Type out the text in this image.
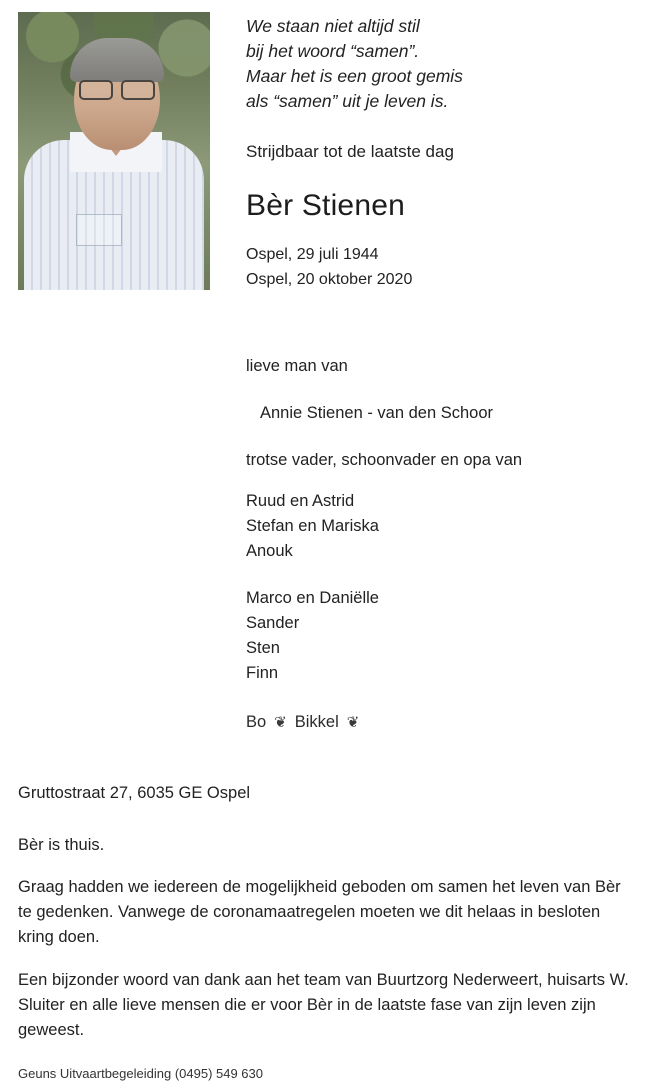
We staan niet altijd stil
bij het woord “samen”.
Maar het is een groot gemis
als “samen” uit je leven is.
Strijdbaar tot de laatste dag
Bèr Stienen
Ospel, 29 juli 1944
Ospel, 20 oktober 2020
lieve man van
Annie Stienen - van den Schoor
trotse vader, schoonvader en opa van
Ruud en Astrid
Stefan en Mariska
Anouk
Marco en Daniëlle
Sander
Sten
Finn
Bo ❦ Bikkel ❦
Gruttostraat 27, 6035 GE Ospel
Bèr is thuis.
Graag hadden we iedereen de mogelijkheid geboden om samen het leven van Bèr te gedenken. Vanwege de coronamaatregelen moeten we dit helaas in besloten kring doen.
Een bijzonder woord van dank aan het team van Buurtzorg Nederweert, huisarts W. Sluiter en alle lieve mensen die er voor Bèr in de laatste fase van zijn leven zijn geweest.
Geuns Uitvaartbegeleiding (0495) 549 630
